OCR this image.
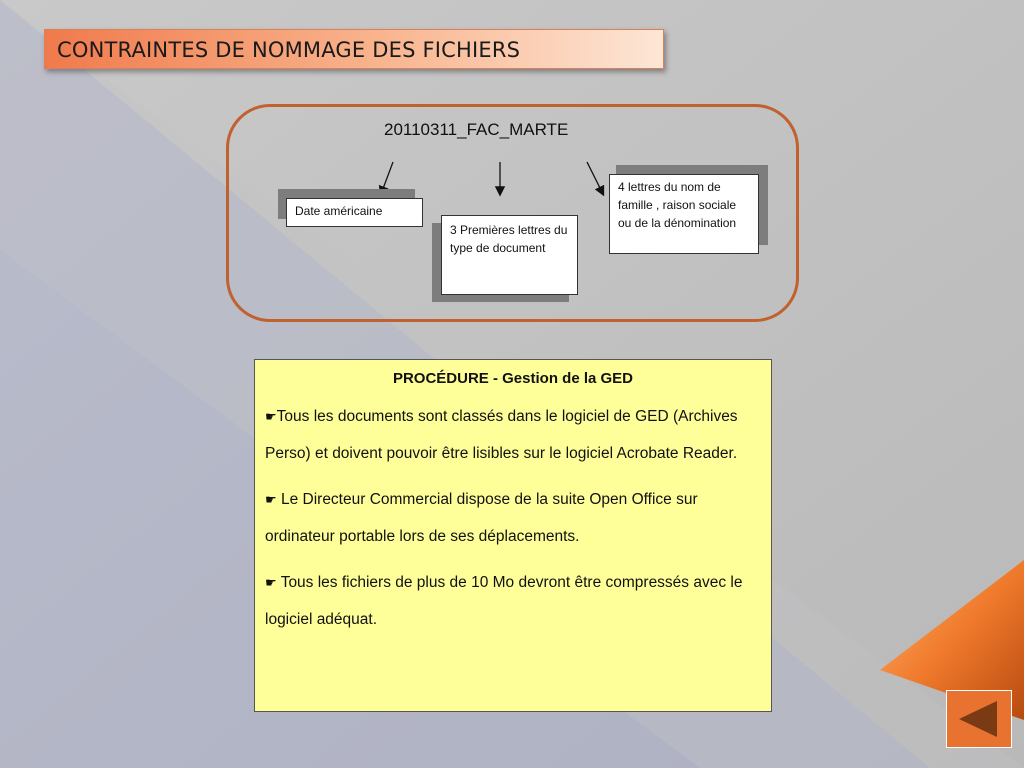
CONTRAINTES DE NOMMAGE DES FICHIERS
20110311_FAC_MARTE
Date américaine
3 Premières lettres du type de document
4 lettres du nom de famille , raison sociale ou de la dénomination
PROCÉDURE - Gestion de la GED
☛Tous les documents sont classés dans le logiciel de GED (Archives Perso) et doivent pouvoir être lisibles sur le logiciel Acrobate Reader.
☛ Le Directeur Commercial dispose de la suite Open Office sur ordinateur portable lors de ses déplacements.
☛ Tous les fichiers de plus de 10 Mo devront être compressés avec le logiciel adéquat.
